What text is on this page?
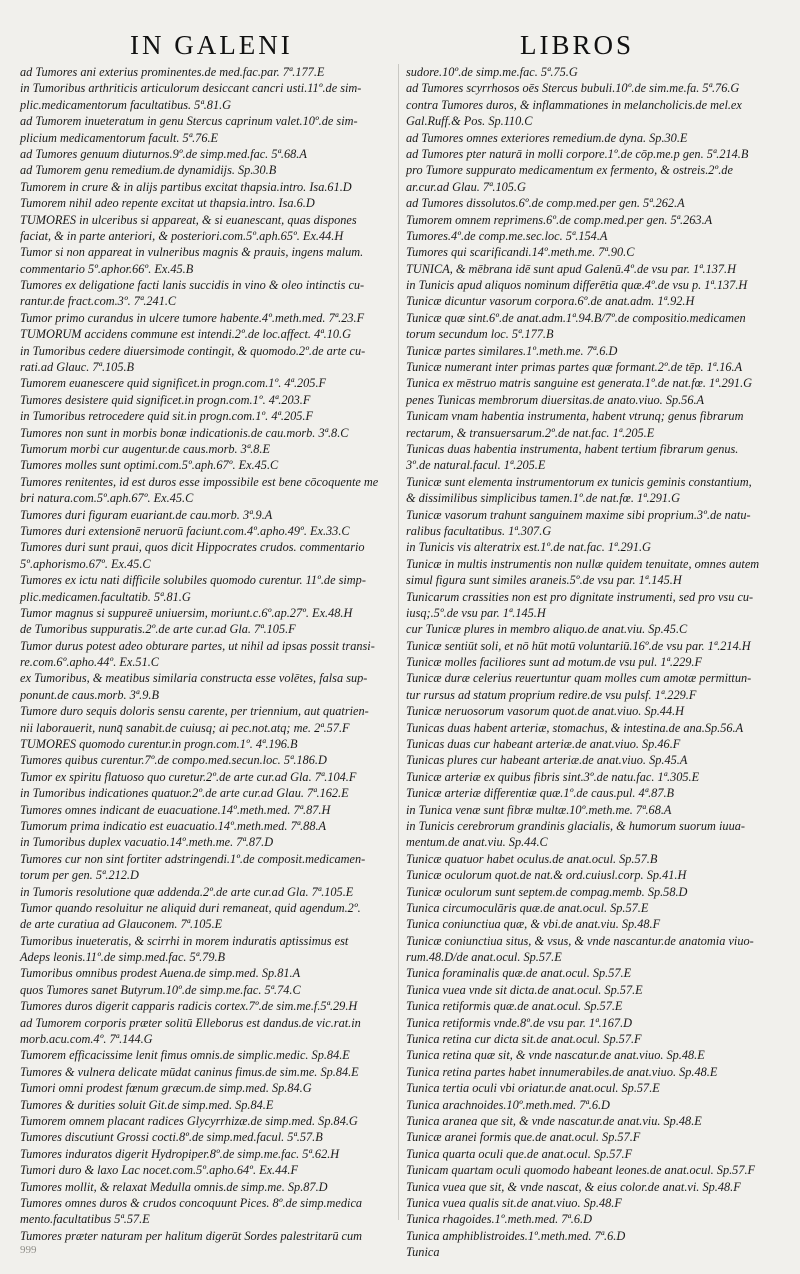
IN GALENI	LIBROS
ad Tumores ani exterius prominentes.de med.fac.par. 7ª.177.E
in Tumoribus arthriticis articulorum desiccant cancri usti.11º.de sim-
plic.medicamentorum facultatibus. 5ª.81.G
ad Tumorem inueteratum in genu Stercus caprinum valet.10º.de sim-
plicium medicamentorum facult. 5ª.76.E
ad Tumores genuum diuturnos.9º.de simp.med.fac. 5ª.68.A
ad Tumorem genu remedium.de dynamidijs. Sp.30.B
Tumorem in crure & in alijs partibus excitat thapsia.intro. Isa.61.D
Tumorem nihil adeo repente excitat ut thapsia.intro. Isa.6.D
TUMORES in ulceribus si appareat, & si euanescant, quas dispones
faciat, & in parte anteriori, & posteriori.com.5º.aph.65º. Ex.44.H
Tumor si non appareat in vulneribus magnis & prauis, ingens malum.
commentario 5º.aphor.66º. Ex.45.B
Tumores ex deligatione facti lanis succidis in vino & oleo intinctis cu-
rantur.de fract.com.3º. 7ª.241.C
Tumor primo curandus in ulcere tumore habente.4º.meth.med. 7ª.23.F
TUMORUM accidens commune est intendi.2º.de loc.affect. 4ª.10.G
in Tumoribus cedere diuersimode contingit, & quomodo.2º.de arte cu-
rati.ad Glauc. 7ª.105.B
Tumorem euanescere quid significet.in progn.com.1º. 4ª.205.F
Tumores desistere quid significet.in progn.com.1º. 4ª.203.F
in Tumoribus retrocedere quid sit.in progn.com.1º. 4ª.205.F
Tumores non sunt in morbis bonæ indicationis.de cau.morb. 3ª.8.C
Tumorum morbi cur augentur.de caus.morb. 3ª.8.E
Tumores molles sunt optimi.com.5º.aph.67º. Ex.45.C
Tumores renitentes, id est duros esse impossibile est bene cōcoquente me
bri natura.com.5º.aph.67º. Ex.45.C
Tumores duri figuram euariant.de cau.morb. 3ª.9.A
Tumores duri extensionē neruorū faciunt.com.4º.apho.49º. Ex.33.C
Tumores duri sunt praui, quos dicit Hippocrates crudos. commentario
5º.aphorismo.67º. Ex.45.C
Tumores ex ictu nati difficile solubiles quomodo curentur. 11º.de simp-
plic.medicamen.facultatib. 5ª.81.G
Tumor magnus si suppureē uniuersim, moriunt.c.6º.ap.27º. Ex.48.H
de Tumoribus suppuratis.2º.de arte cur.ad Gla. 7ª.105.F
Tumor durus potest adeo obturare partes, ut nihil ad ipsas possit transi-
re.com.6º.apho.44º. Ex.51.C
ex Tumoribus, & meatibus similaria constructa esse volētes, falsa sup-
ponunt.de caus.morb. 3ª.9.B
Tumore duro sequis doloris sensu carente, per triennium, aut quatrien-
nii laborauerit, nunq̄ sanabit.de cuiusq; ai pec.not.atq; me. 2ª.57.F
TUMORES quomodo curentur.in progn.com.1º. 4ª.196.B
Tumores quibus curentur.7º.de compo.med.secun.loc. 5ª.186.D
Tumor ex spiritu flatuoso quo curetur.2º.de arte cur.ad Gla. 7ª.104.F
in Tumoribus indicationes quatuor.2º.de arte cur.ad Glau. 7ª.162.E
Tumores omnes indicant de euacuatione.14º.meth.med. 7ª.87.H
Tumorum prima indicatio est euacuatio.14º.meth.med. 7ª.88.A
in Tumoribus duplex vacuatio.14º.meth.me. 7ª.87.D
Tumores cur non sint fortiter adstringendi.1º.de composit.medicamen-
torum per gen. 5ª.212.D
in Tumoris resolutione quæ addenda.2º.de arte cur.ad Gla. 7ª.105.E
Tumor quando resoluitur ne aliquid duri remaneat, quid agendum.2º.
de arte curatiua ad Glauconem. 7ª.105.E
Tumoribus inueteratis, & scirrhi in morem induratis aptissimus est
Adeps leonis.11º.de simp.med.fac. 5ª.79.B
Tumoribus omnibus prodest Auena.de simp.med. Sp.81.A
quos Tumores sanet Butyrum.10º.de simp.me.fac. 5ª.74.C
Tumores duros digerit capparis radicis cortex.7º.de sim.me.f.5ª.29.H
ad Tumorem corporis præter solitū Elleborus est dandus.de vic.rat.in
morb.acu.com.4º. 7ª.144.G
Tumorem efficacissime lenit fimus omnis.de simplic.medic. Sp.84.E
Tumores & vulnera delicate mūdat caninus fimus.de sim.me. Sp.84.E
Tumori omni prodest fœnum græcum.de simp.med. Sp.84.G
Tumores & durities soluit Git.de simp.med. Sp.84.E
Tumorem omnem placant radices Glycyrrhizæ.de simp.med. Sp.84.G
Tumores discutiunt Grossi cocti.8º.de simp.med.facul. 5ª.57.B
Tumores induratos digerit Hydropiper.8º.de simp.me.fac. 5ª.62.H
Tumori duro & laxo Lac nocet.com.5º.apho.64º. Ex.44.F
Tumores mollit, & relaxat Medulla omnis.de simp.me. Sp.87.D
Tumores omnes duros & crudos concoquunt Pices. 8º.de simp.medica
mento.facultatibus 5ª.57.E
Tumores præter naturam per halitum digerūt Sordes palestritarū cum
sudore.10º.de simp.me.fac. 5ª.75.G
ad Tumores scyrrhosos oēs Stercus bubuli.10º.de sim.me.fa. 5ª.76.G
contra Tumores duros, & inflammationes in melancholicis.de mel.ex
Gal.Ruff.& Pos. Sp.110.C
ad Tumores omnes exteriores remedium.de dyna. Sp.30.E
ad Tumores pter naturā in molli corpore.1º.de cōp.me.p gen. 5ª.214.B
pro Tumore suppurato medicamentum ex fermento, & ostreis.2º.de
ar.cur.ad Glau. 7ª.105.G
ad Tumores dissolutos.6º.de comp.med.per gen. 5ª.262.A
Tumorem omnem reprimens.6º.de comp.med.per gen. 5ª.263.A
Tumores.4º.de comp.me.sec.loc. 5ª.154.A
Tumores qui scarificandi.14º.meth.me. 7ª.90.C
TUNICA, & mēbrana idē sunt apud Galenū.4º.de vsu par. 1ª.137.H
in Tunicis apud aliquos nominum differētia quæ.4º.de vsu p. 1ª.137.H
Tunicæ dicuntur vasorum corpora.6º.de anat.adm. 1ª.92.H
Tunicæ quæ sint.6º.de anat.adm.1ª.94.B/7º.de compositio.medicamen
torum secundum loc. 5ª.177.B
Tunicæ partes similares.1º.meth.me. 7ª.6.D
Tunicæ numerant inter primas partes quæ formant.2º.de tēp. 1ª.16.A
Tunica ex mēstruo matris sanguine est generata.1º.de nat.fœ. 1ª.291.G
penes Tunicas membrorum diuersitas.de anato.viuo. Sp.56.A
Tunicam vnam habentia instrumenta, habent vtrunq; genus fibrarum
rectarum, & transuersarum.2º.de nat.fac. 1ª.205.E
Tunicas duas habentia instrumenta, habent tertium fibrarum genus.
3º.de natural.facul. 1ª.205.E
Tunicæ sunt elementa instrumentorum ex tunicis geminis constantium,
& dissimilibus simplicibus tamen.1º.de nat.fœ. 1ª.291.G
Tunicæ vasorum trahunt sanguinem maxime sibi proprium.3º.de natu-
ralibus facultatibus. 1ª.307.G
in Tunicis vis alteratrix est.1º.de nat.fac. 1ª.291.G
Tunicæ in multis instrumentis non nullæ quidem tenuitate, omnes autem
simul figura sunt similes araneis.5º.de vsu par. 1ª.145.H
Tunicarum crassities non est pro dignitate instrumenti, sed pro vsu cu-
iusq;.5º.de vsu par. 1ª.145.H
cur Tunicæ plures in membro aliquo.de anat.viu. Sp.45.C
Tunicæ sentiūt soli, et nō hūt motū voluntariū.16º.de vsu par. 1ª.214.H
Tunicæ molles faciliores sunt ad motum.de vsu pul. 1ª.229.F
Tunicæ duræ celerius reuertuntur quam molles cum amotæ permittun-
tur rursus ad statum proprium redire.de vsu pulsf. 1ª.229.F
Tunicæ neruosorum vasorum quot.de anat.viuo. Sp.44.H
Tunicas duas habent arteriæ, stomachus, & intestina.de ana.Sp.56.A
Tunicas duas cur habeant arteriæ.de anat.viuo. Sp.46.F
Tunicas plures cur habeant arteriæ.de anat.viuo. Sp.45.A
Tunicæ arteriæ ex quibus fibris sint.3º.de natu.fac. 1ª.305.E
Tunicæ arteriæ differentiæ quæ.1º.de caus.pul. 4ª.87.B
in Tunica venæ sunt fibræ multæ.10º.meth.me. 7ª.68.A
in Tunicis cerebrorum grandinis glacialis, & humorum suorum iuua-
mentum.de anat.viu. Sp.44.C
Tunicæ quatuor habet oculus.de anat.ocul. Sp.57.B
Tunicæ oculorum quot.de nat.& ord.cuiusl.corp. Sp.41.H
Tunicæ oculorum sunt septem.de compag.memb. Sp.58.D
Tunica circumoculāris quæ.de anat.ocul. Sp.57.E
Tunica coniunctiua quæ, & vbi.de anat.viu. Sp.48.F
Tunicæ coniunctiua situs, & vsus, & vnde nascantur.de anatomia viuo-
rum.48.D/de anat.ocul. Sp.57.E
Tunica foraminalis quæ.de anat.ocul. Sp.57.E
Tunica vuea vnde sit dicta.de anat.ocul. Sp.57.E
Tunica retiformis quæ.de anat.ocul. Sp.57.E
Tunica retiformis vnde.8º.de vsu par. 1ª.167.D
Tunica retina cur dicta sit.de anat.ocul. Sp.57.F
Tunica retina quæ sit, & vnde nascatur.de anat.viuo. Sp.48.E
Tunica retina partes habet innumerabiles.de anat.viuo. Sp.48.E
Tunica tertia oculi vbi oriatur.de anat.ocul. Sp.57.E
Tunica arachnoides.10º.meth.med. 7ª.6.D
Tunica aranea que sit, & vnde nascatur.de anat.viu. Sp.48.E
Tunicæ aranei formis que.de anat.ocul. Sp.57.F
Tunica quarta oculi que.de anat.ocul. Sp.57.F
Tunicam quartam oculi quomodo habeant leones.de anat.ocul. Sp.57.F
Tunica vuea que sit, & vnde nascat, & eius color.de anat.vi. Sp.48.F
Tunica vuea qualis sit.de anat.viuo. Sp.48.F
Tunica rhagoides.1º.meth.med. 7ª.6.D
Tunica amphiblistroides.1º.meth.med. 7ª.6.D
Tunica
999
